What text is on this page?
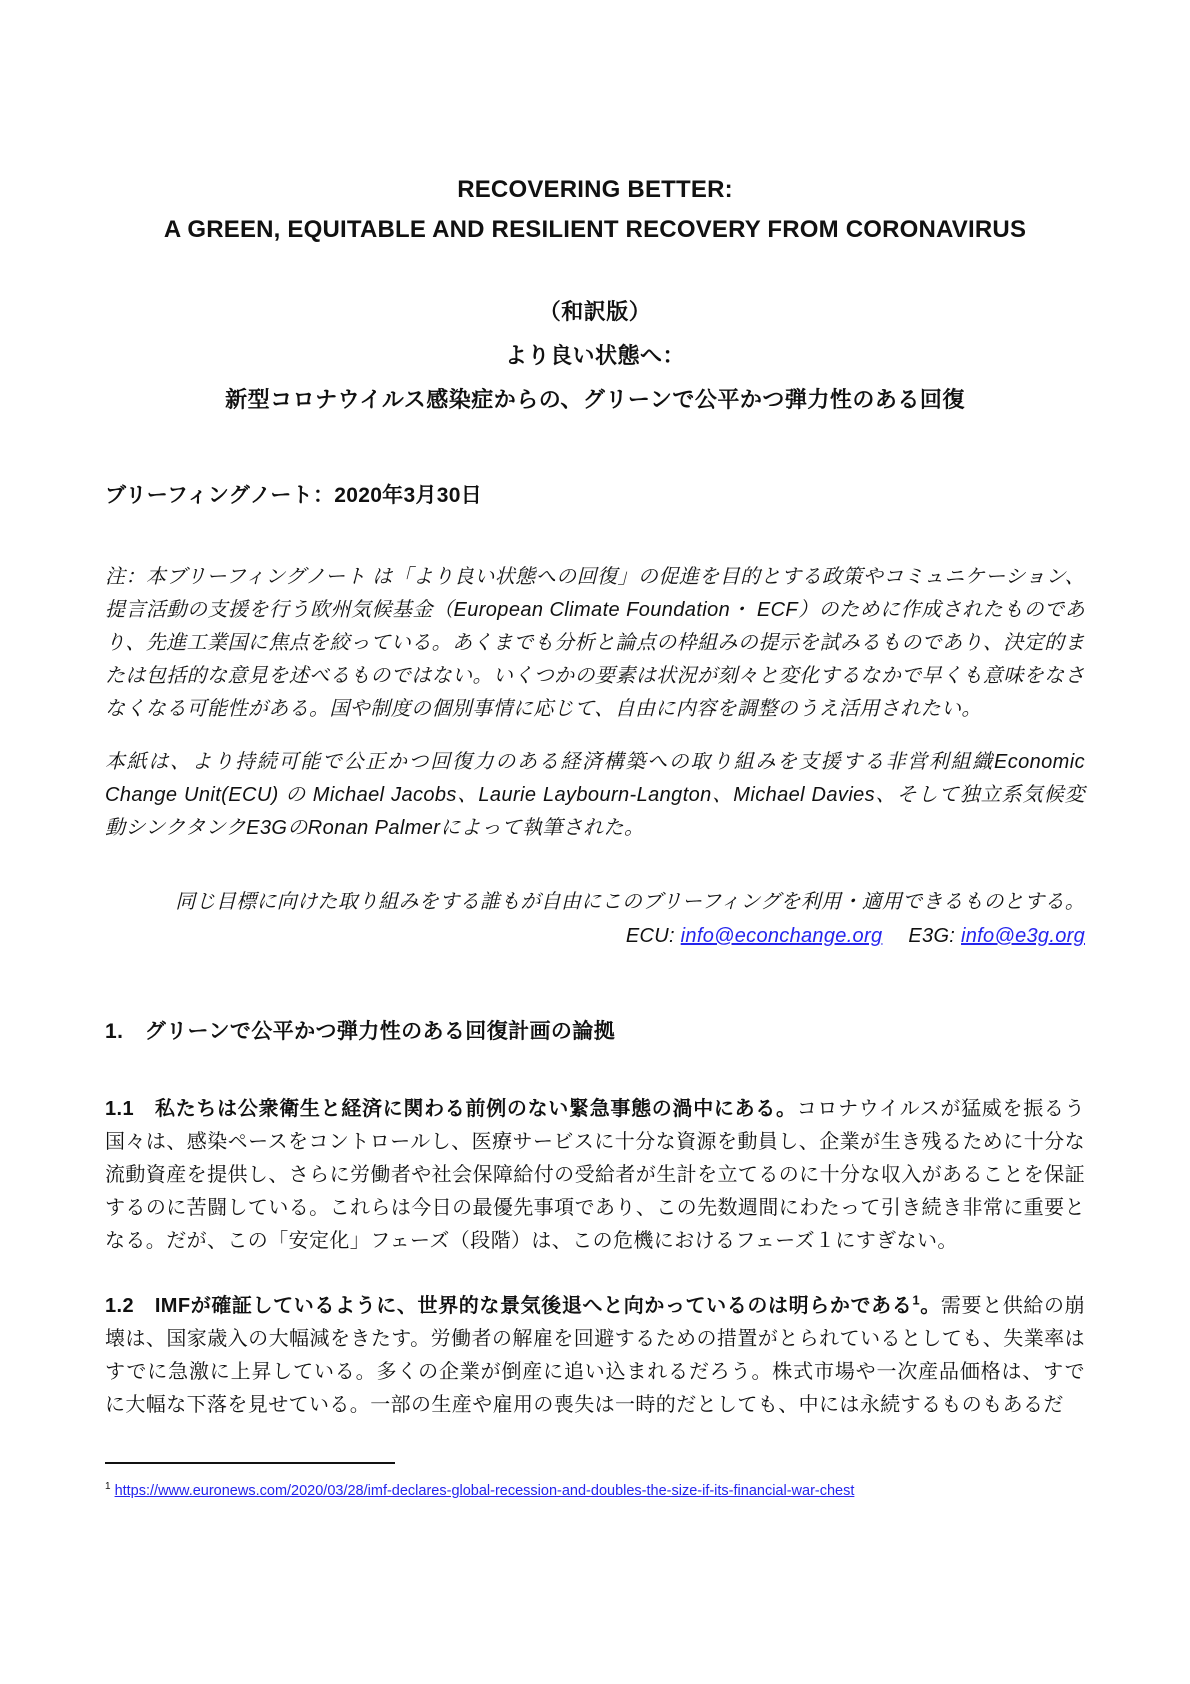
RECOVERING BETTER:
A GREEN, EQUITABLE AND RESILIENT RECOVERY FROM CORONAVIRUS
（和訳版）
より良い状態へ：
新型コロナウイルス感染症からの、グリーンで公平かつ弾力性のある回復
ブリーフィングノート：2020年3月30日

注：本ブリーフィングノート は「より良い状態への回復」の促進を目的とする政策やコミュニケーション、提言活動の支援を行う欧州気候基金（European Climate Foundation・ ECF）のために作成されたものであり、先進工業国に焦点を絞っている。あくまでも分析と論点の枠組みの提示を試みるものであり、決定的または包括的な意見を述べるものではない。いくつかの要素は状況が刻々と変化するなかで早くも意味をなさなくなる可能性がある。国や制度の個別事情に応じて、自由に内容を調整のうえ活用されたい。

本紙は、より持続可能で公正かつ回復力のある経済構築への取り組みを支援する非営利組織Economic Change Unit(ECU) の Michael Jacobs、Laurie Laybourn-Langton、Michael Davies、そして独立系気候変動シンクタンクE3GのRonan Palmerによって執筆された。

同じ目標に向けた取り組みをする誰もが自由にこのブリーフィングを利用・適用できるものとする。
ECU: info@econchange.org E3G: info@e3g.org
1.　グリーンで公平かつ弾力性のある回復計画の論拠

1.1　私たちは公衆衛生と経済に関わる前例のない緊急事態の渦中にある。コロナウイルスが猛威を振るう国々は、感染ペースをコントロールし、医療サービスに十分な資源を動員し、企業が生き残るために十分な流動資産を提供し、さらに労働者や社会保障給付の受給者が生計を立てるのに十分な収入があることを保証するのに苦闘している。これらは今日の最優先事項であり、この先数週間にわたって引き続き非常に重要となる。だが、この「安定化」フェーズ（段階）は、この危機におけるフェーズ１にすぎない。

1.2　IMFが確証しているように、世界的な景気後退へと向かっているのは明らかである$^1$。需要と供給の崩壊は、国家歳入の大幅減をきたす。労働者の解雇を回避するための措置がとられているとしても、失業率はすでに急激に上昇している。多くの企業が倒産に追い込まれるだろう。株式市場や一次産品価格は、すでに大幅な下落を見せている。一部の生産や雇用の喪失は一時的だとしても、中には永続するものもあるだ

$^1$ https://www.euronews.com/2020/03/28/imf-declares-global-recession-and-doubles-the-size-if-its-financial-war-chest
